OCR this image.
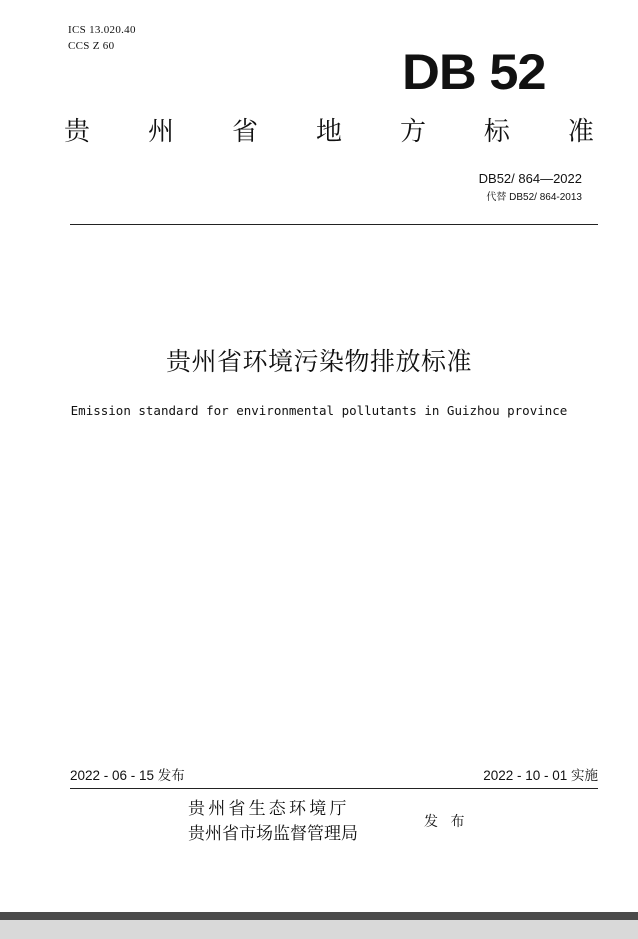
ICS 13.020.40
CCS Z 60	DB 52
贵 州 省 地 方 标 准
DB52/ 864—2022
代替 DB52/ 864-2013
贵州省环境污染物排放标准
Emission standard for environmental pollutants in Guizhou province
2022 - 06 - 15 发布	2022 - 10 - 01 实施
贵州省生态环境厅
贵州省市场监督管理局
发 布
